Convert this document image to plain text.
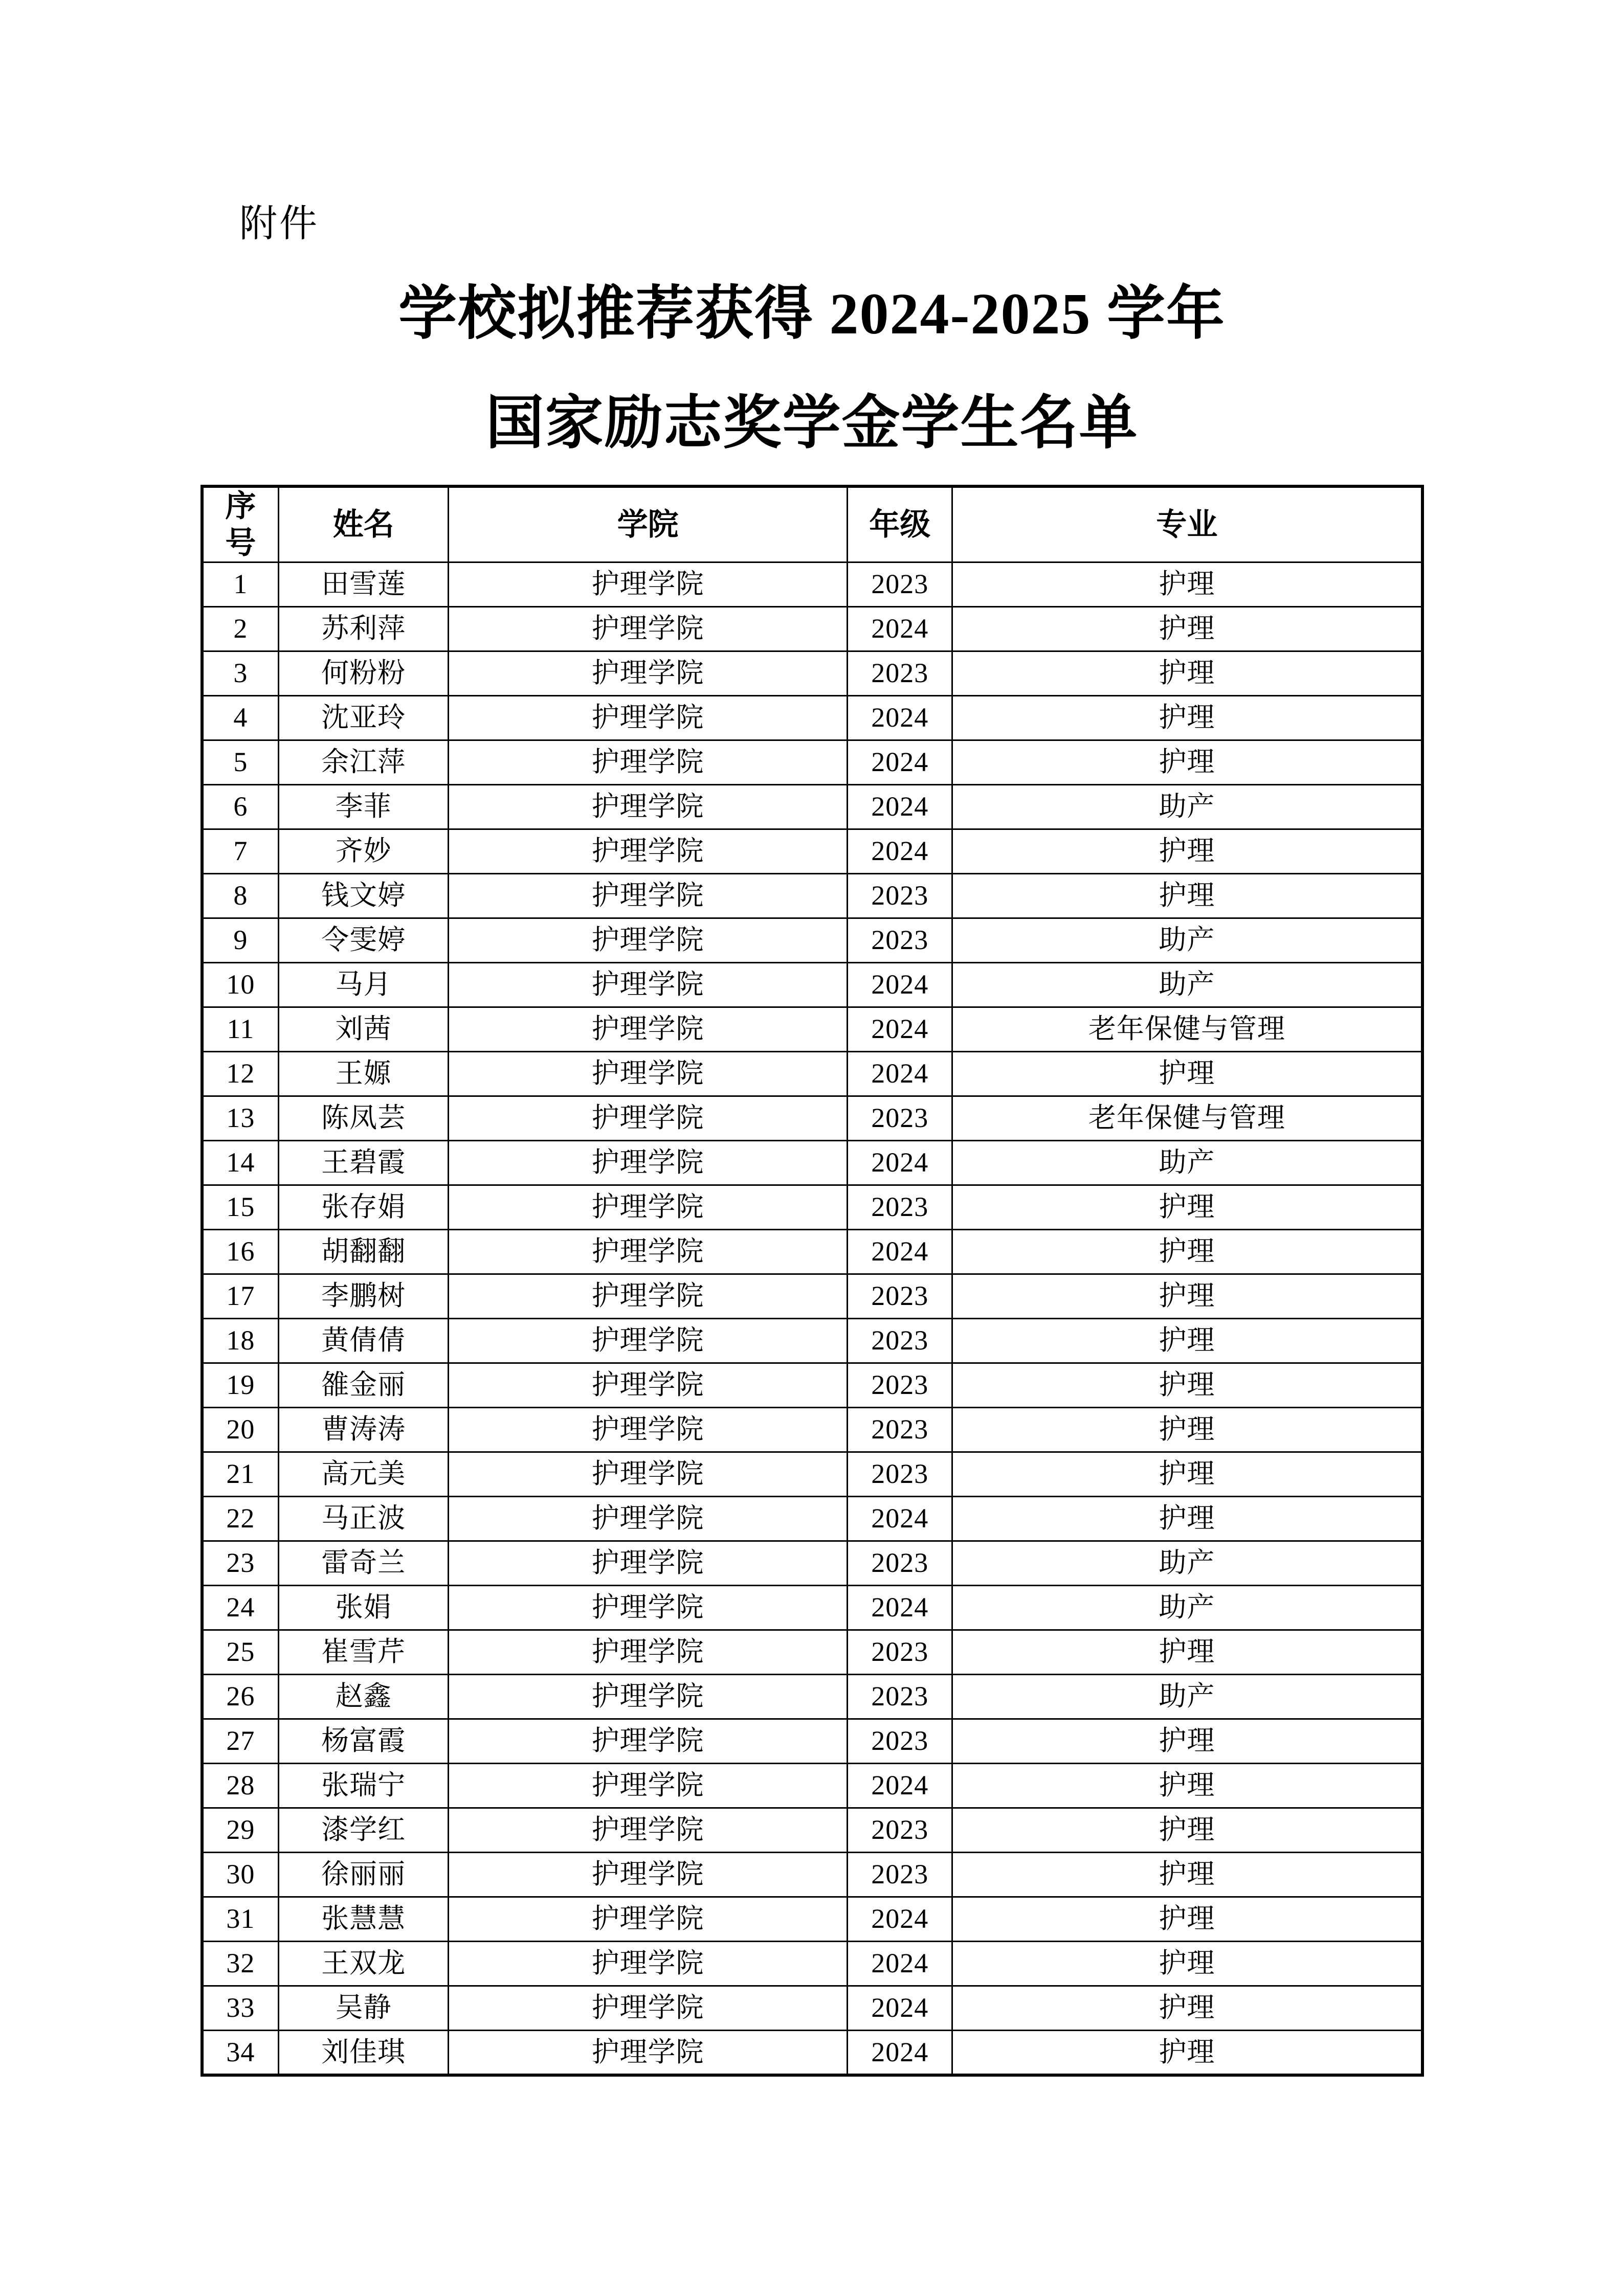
附件
学校拟推荐获得 2024-2025 学年
国家励志奖学金学生名单
序号	姓名	学院	年级	专业
1	田雪莲	护理学院	2023	护理
2	苏利萍	护理学院	2024	护理
3	何粉粉	护理学院	2023	护理
4	沈亚玲	护理学院	2024	护理
5	余江萍	护理学院	2024	护理
6	李菲	护理学院	2024	助产
7	齐妙	护理学院	2024	护理
8	钱文婷	护理学院	2023	护理
9	令雯婷	护理学院	2023	助产
10	马月	护理学院	2024	助产
11	刘茜	护理学院	2024	老年保健与管理
12	王嫄	护理学院	2024	护理
13	陈凤芸	护理学院	2023	老年保健与管理
14	王碧霞	护理学院	2024	助产
15	张存娟	护理学院	2023	护理
16	胡翻翻	护理学院	2024	护理
17	李鹏树	护理学院	2023	护理
18	黄倩倩	护理学院	2023	护理
19	雒金丽	护理学院	2023	护理
20	曹涛涛	护理学院	2023	护理
21	高元美	护理学院	2023	护理
22	马正波	护理学院	2024	护理
23	雷奇兰	护理学院	2023	助产
24	张娟	护理学院	2024	助产
25	崔雪芹	护理学院	2023	护理
26	赵鑫	护理学院	2023	助产
27	杨富霞	护理学院	2023	护理
28	张瑞宁	护理学院	2024	护理
29	漆学红	护理学院	2023	护理
30	徐丽丽	护理学院	2023	护理
31	张慧慧	护理学院	2024	护理
32	王双龙	护理学院	2024	护理
33	吴静	护理学院	2024	护理
34	刘佳琪	护理学院	2024	护理
